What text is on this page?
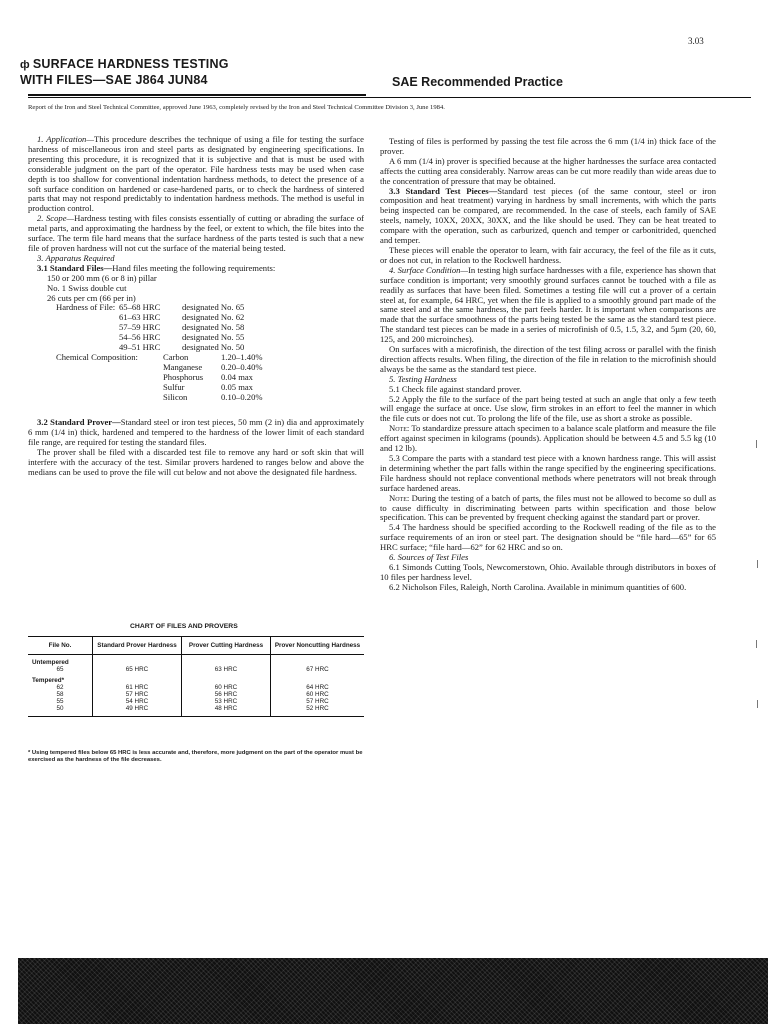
3.03
ф SURFACE HARDNESS TESTING
WITH FILES—SAE J864 JUN84	SAE Recommended Practice
Report of the Iron and Steel Technical Committee, approved June 1963, completely revised by the Iron and Steel Technical Committee Division 3, June 1984.

1. Application—This procedure describes the technique of using a file for testing the surface hardness of miscellaneous iron and steel parts as designated by engineering specifications. In presenting this procedure, it is recognized that it is subjective and that is must be used with considerable judgment on the part of the operator. File hardness tests may be used when case depth is too shallow for conventional indentation hardness methods, to detect the presence of a soft surface condition on hardened or case-hardened parts, or to check the hardness of sintered parts that may not respond predictably to indentation hardness methods. The method is useful in production control.

2. Scope—Hardness testing with files consists essentially of cutting or abrading the surface of metal parts, and approximating the hardness by the feel, or extent to which, the file bites into the surface. The term file hard means that the surface hardness of the parts tested is such that a new file of proven hardness will not cut the surface of the material being tested.

3. Apparatus Required

3.1 Standard Files—Hand files meeting the following requirements:

150 or 200 mm (6 or 8 in) pillar
No. 1 Swiss double cut
26 cuts per cm (66 per in)
Hardness of File:	65–68 HRC	designated No. 65
	61–63 HRC	designated No. 62
	57–59 HRC	designated No. 58
	54–56 HRC	designated No. 55
	49–51 HRC	designated No. 50
Chemical Composition:	Carbon	1.20–1.40%
	Manganese	0.20–0.40%
	Phosphorus	0.04 max
	Sulfur	0.05 max
	Silicon	0.10–0.20%

3.2 Standard Prover—Standard steel or iron test pieces, 50 mm (2 in) dia and approximately 6 mm (1/4 in) thick, hardened and tempered to the hardness of the lower limit of each standard file range, are required for testing the standard files.

The prover shall be filed with a discarded test file to remove any hard or soft skin that will interfere with the accuracy of the test. Similar provers hardened to ranges below and above the medians can be used to prove the file will cut below and not above the designated file hardness.

CHART OF FILES AND PROVERS
File No.	Standard Prover Hardness	Prover Cutting Hardness	Prover Noncutting Hardness
Untempered			
65	65 HRC	63 HRC	67 HRC
Tempered*			
62	61 HRC	60 HRC	64 HRC
58	57 HRC	56 HRC	60 HRC
55	54 HRC	53 HRC	57 HRC
50	49 HRC	48 HRC	52 HRC
* Using tempered files below 65 HRC is less accurate and, therefore, more judgment on the part of the operator must be exercised as the hardness of the file decreases.

Testing of files is performed by passing the test file across the 6 mm (1/4 in) thick face of the prover.

A 6 mm (1/4 in) prover is specified because at the higher hardnesses the surface area contacted affects the cutting area considerably. Narrow areas can be cut more readily than wide areas due to the concentration of pressure that may be obtained.

3.3 Standard Test Pieces—Standard test pieces (of the same contour, steel or iron composition and heat treatment) varying in hardness by small increments, with which the parts being inspected can be compared, are recommended. In the case of steels, each family of SAE steels, namely, 10XX, 20XX, 30XX, and the like should be used. They can be heat treated to compare with the operation, such as carburized, quench and temper or carbonitrided, quenched and temper.

These pieces will enable the operator to learn, with fair accuracy, the feel of the file as it cuts, or does not cut, in relation to the Rockwell hardness.

4. Surface Condition—In testing high surface hardnesses with a file, experience has shown that surface condition is important; very smoothly ground surfaces cannot be touched with a file as readily as surfaces that have been filed. Sometimes a testing file will cut a prover of a certain steel at, for example, 64 HRC, yet when the file is applied to a smoothly ground part made of the same steel and at the same hardness, the part feels harder. It is important when comparisons are made that the surface smoothness of the parts being tested be the same as the standard test piece. The standard test pieces can be made in a series of microfinish of 0.5, 1.5, 3.2, and 5µm (20, 60, 125, and 200 microinches).

On surfaces with a microfinish, the direction of the test filing across or parallel with the finish direction affects results. When filing, the direction of the file in relation to the microfinish should always be the same as the standard test piece.

5. Testing Hardness

5.1 Check file against standard prover.

5.2 Apply the file to the surface of the part being tested at such an angle that only a few teeth will engage the surface at once. Use slow, firm strokes in an effort to feel the manner in which the file cuts or does not cut. To prolong the life of the file, use as short a stroke as possible.

Note: To standardize pressure attach specimen to a balance scale platform and measure the file effort against specimen in kilograms (pounds). Application should be between 4.5 and 5.5 kg (10 and 12 lb).

5.3 Compare the parts with a standard test piece with a known hardness range. This will assist in determining whether the part falls within the range specified by the engineering specifications. File hardness should not replace conventional methods where penetrators will not break through surface hardened areas.

Note: During the testing of a batch of parts, the files must not be allowed to become so dull as to cause difficulty in discriminating between parts within specification and those below specification. This can be prevented by frequent checking against the standard part or prover.

5.4 The hardness should be specified according to the Rockwell reading of the file as to the surface requirements of an iron or steel part. The designation should be “file hard—65” for 65 HRC surface; “file hard—62” for 62 HRC and so on.

6. Sources of Test Files

6.1 Simonds Cutting Tools, Newcomerstown, Ohio. Available through distributors in boxes of 10 files per hardness level.

6.2 Nicholson Files, Raleigh, North Carolina. Available in minimum quantities of 600.
